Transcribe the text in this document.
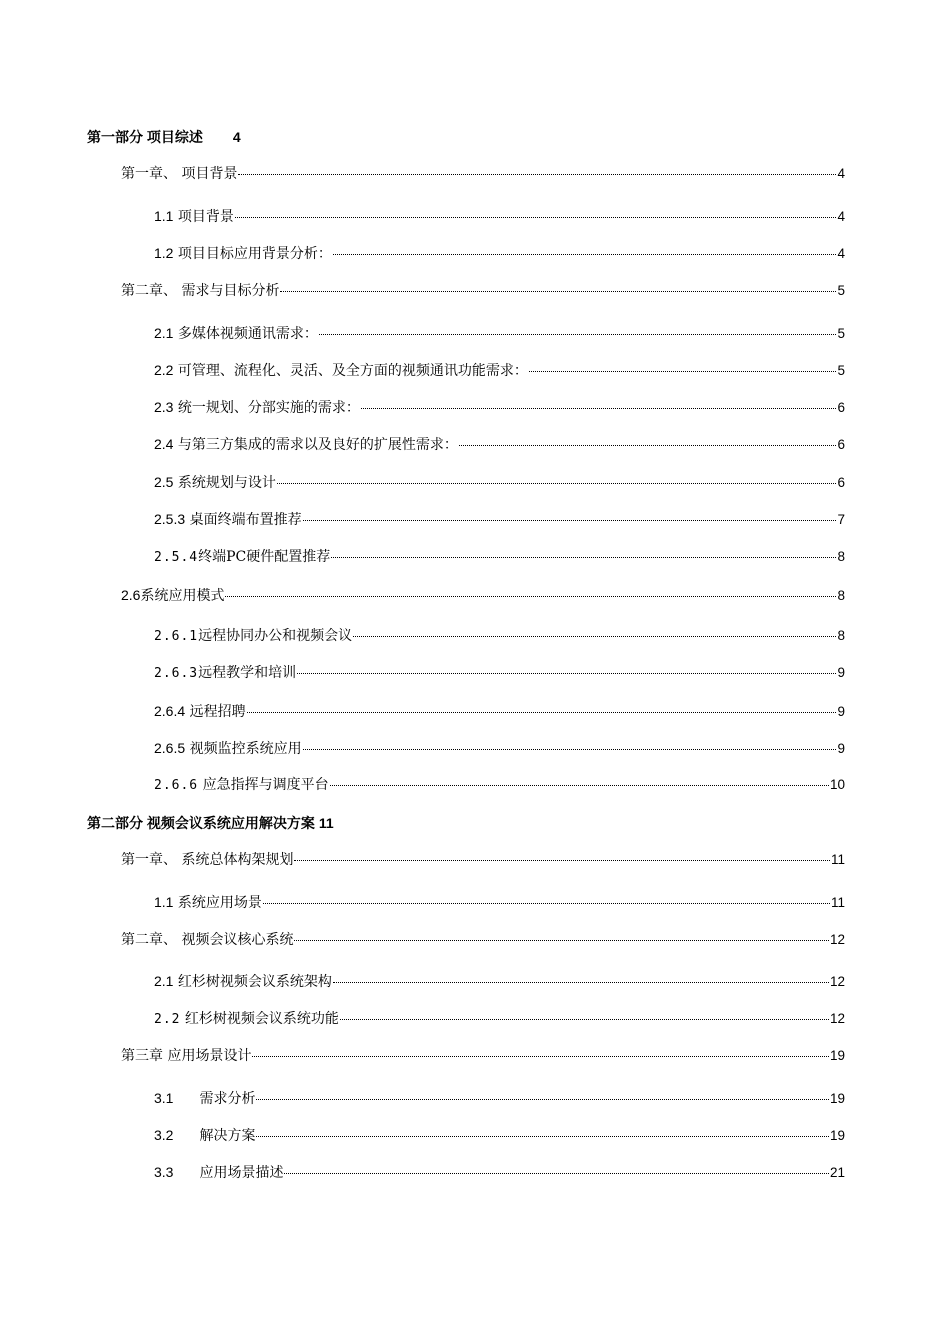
第一部分 项目综述 4
第一章、 项目背景	4
1.1 项目背景	4
1.2 项目目标应用背景分析：	4
第二章、 需求与目标分析	5
2.1 多媒体视频通讯需求：	5
2.2 可管理、流程化、灵活、及全方面的视频通讯功能需求：	5
2.3 统一规划、分部实施的需求：	6
2.4 与第三方集成的需求以及良好的扩展性需求：	6
2.5 系统规划与设计	6
2.5.3 桌面终端布置推荐	7
2.5.4终端PC硬件配置推荐	8
2.6系统应用模式	8
2.6.1远程协同办公和视频会议	8
2.6.3远程教学和培训	9
2.6.4 远程招聘	9
2.6.5 视频监控系统应用	9
2.6.6 应急指挥与调度平台	10
第二部分 视频会议系统应用解决方案 11
第一章、 系统总体构架规划	11
1.1 系统应用场景	11
第二章、 视频会议核心系统	12
2.1 红杉树视频会议系统架构	12
2.2 红杉树视频会议系统功能	12
第三章 应用场景设计	19
3.1 需求分析	19
3.2 解决方案	19
3.3 应用场景描述	21
